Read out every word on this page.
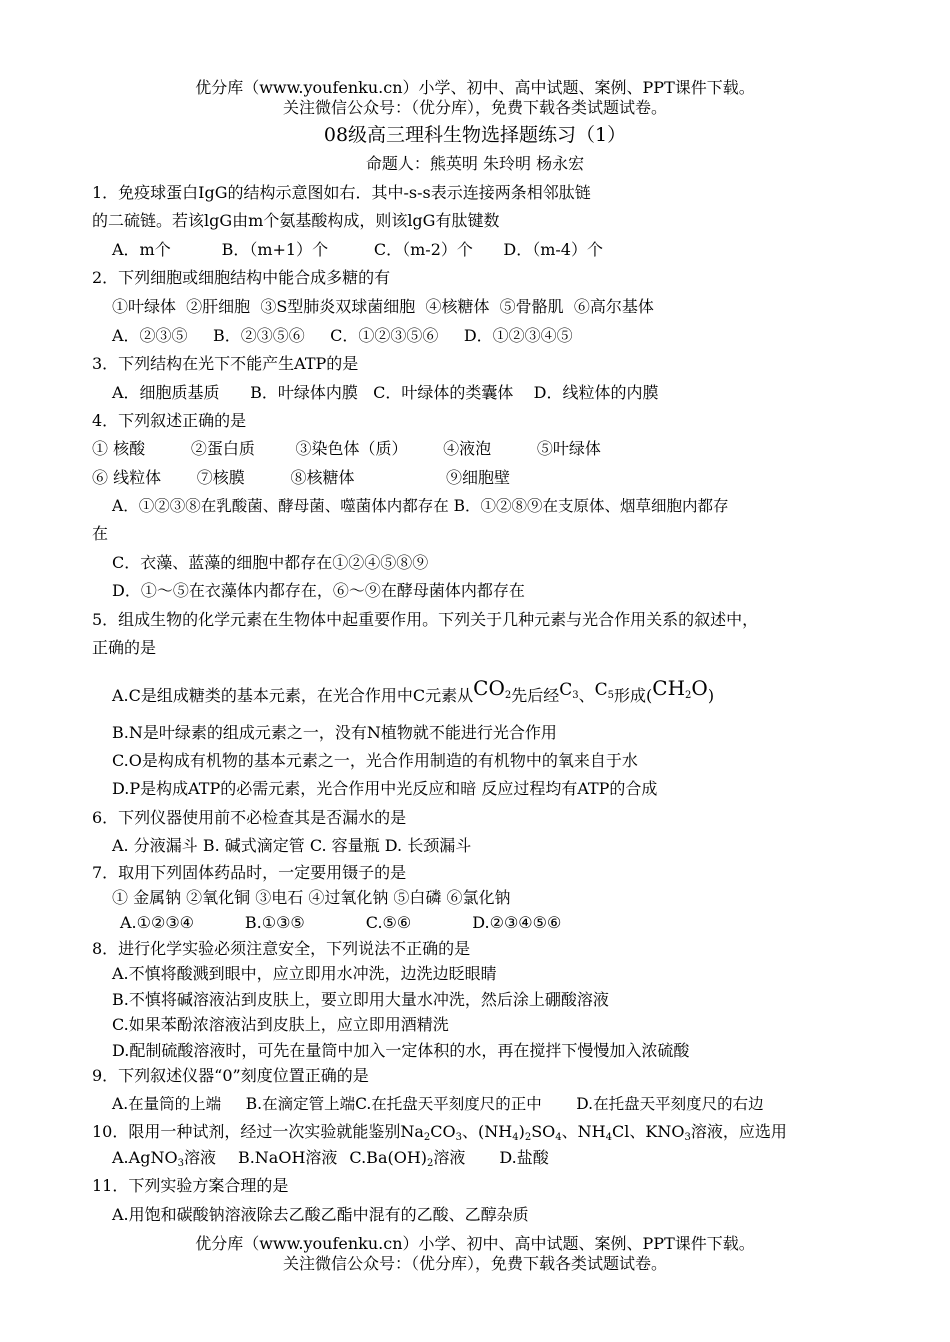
优分库（www.youfenku.cn）小学、初中、高中试题、案例、PPT课件下载。
关注微信公众号：（优分库），免费下载各类试题试卷。
08级高三理科生物选择题练习（1）
命题人：熊英明 朱玲明 杨永宏
1．免疫球蛋白IgG的结构示意图如右．其中-s-s表示连接两条相邻肽链
的二硫链。若该lgG由m个氨基酸构成，则该lgG有肽键数
A．m个          B．（m+1）个         C．（m-2）个      D．（m-4）个
2．下列细胞或细胞结构中能合成多糖的有
①叶绿体  ②肝细胞  ③S型肺炎双球菌细胞  ④核糖体  ⑤骨骼肌  ⑥高尔基体
A．②③⑤     B．②③⑤⑥     C．①②③⑤⑥     D．①②③④⑤
3．下列结构在光下不能产生ATP的是
A．细胞质基质      B．叶绿体内膜   C．叶绿体的类囊体    D．线粒体的内膜
4．下列叙述正确的是
① 核酸         ②蛋白质        ③染色体（质）       ④液泡         ⑤叶绿体
⑥ 线粒体       ⑦核膜         ⑧核糖体                  ⑨细胞壁
A．①②③⑧在乳酸菌、酵母菌、噬菌体内都存在 B．①②⑧⑨在支原体、烟草细胞内都存
在
C．衣藻、蓝藻的细胞中都存在①②④⑤⑧⑨
D．①～⑤在衣藻体内都存在，⑥～⑨在酵母菌体内都存在
5．组成生物的化学元素在生物体中起重要作用。下列关于几种元素与光合作用关系的叙述中，
正确的是
A.C是组成糖类的基本元素，在光合作用中C元素从$CO_2$先后经$C_3$、$C_5$形成$(CH_2O)$
B.N是叶绿素的组成元素之一，没有N植物就不能进行光合作用
C.O是构成有机物的基本元素之一，光合作用制造的有机物中的氧来自于水
D.P是构成ATP的必需元素，光合作用中光反应和暗 反应过程均有ATP的合成
6．下列仪器使用前不必检查其是否漏水的是
A. 分液漏斗 B. 碱式滴定管 C. 容量瓶 D. 长颈漏斗
7．取用下列固体药品时，一定要用镊子的是
① 金属钠 ②氧化铜 ③电石 ④过氧化钠 ⑤白磷 ⑥氯化钠
A.①②③④          B.①③⑤            C.⑤⑥            D.②③④⑤⑥
8．进行化学实验必须注意安全，下列说法不正确的是
A.不慎将酸溅到眼中，应立即用水冲洗，边洗边眨眼睛
B.不慎将碱溶液沾到皮肤上，要立即用大量水冲洗，然后涂上硼酸溶液
C.如果苯酚浓溶液沾到皮肤上，应立即用酒精洗
D.配制硫酸溶液时，可先在量筒中加入一定体积的水，再在搅拌下慢慢加入浓硫酸
9．下列叙述仪器“0”刻度位置正确的是
A.在量筒的上端     B.在滴定管上端C.在托盘天平刻度尺的正中       D.在托盘天平刻度尺的右边
10．限用一种试剂，经过一次实验就能鉴别$Na_2CO_3$、$(NH_4)_2SO_4$、$NH_4Cl$、$KNO_3$溶液，应选用
A.AgNO$_3$溶液 B.NaOH溶液 $C.Ba(OH)_2$溶液 D.盐酸
11．下列实验方案合理的是
A.用饱和碳酸钠溶液除去乙酸乙酯中混有的乙酸、乙醇杂质
优分库（www.youfenku.cn）小学、初中、高中试题、案例、PPT课件下载。
关注微信公众号：（优分库），免费下载各类试题试卷。
